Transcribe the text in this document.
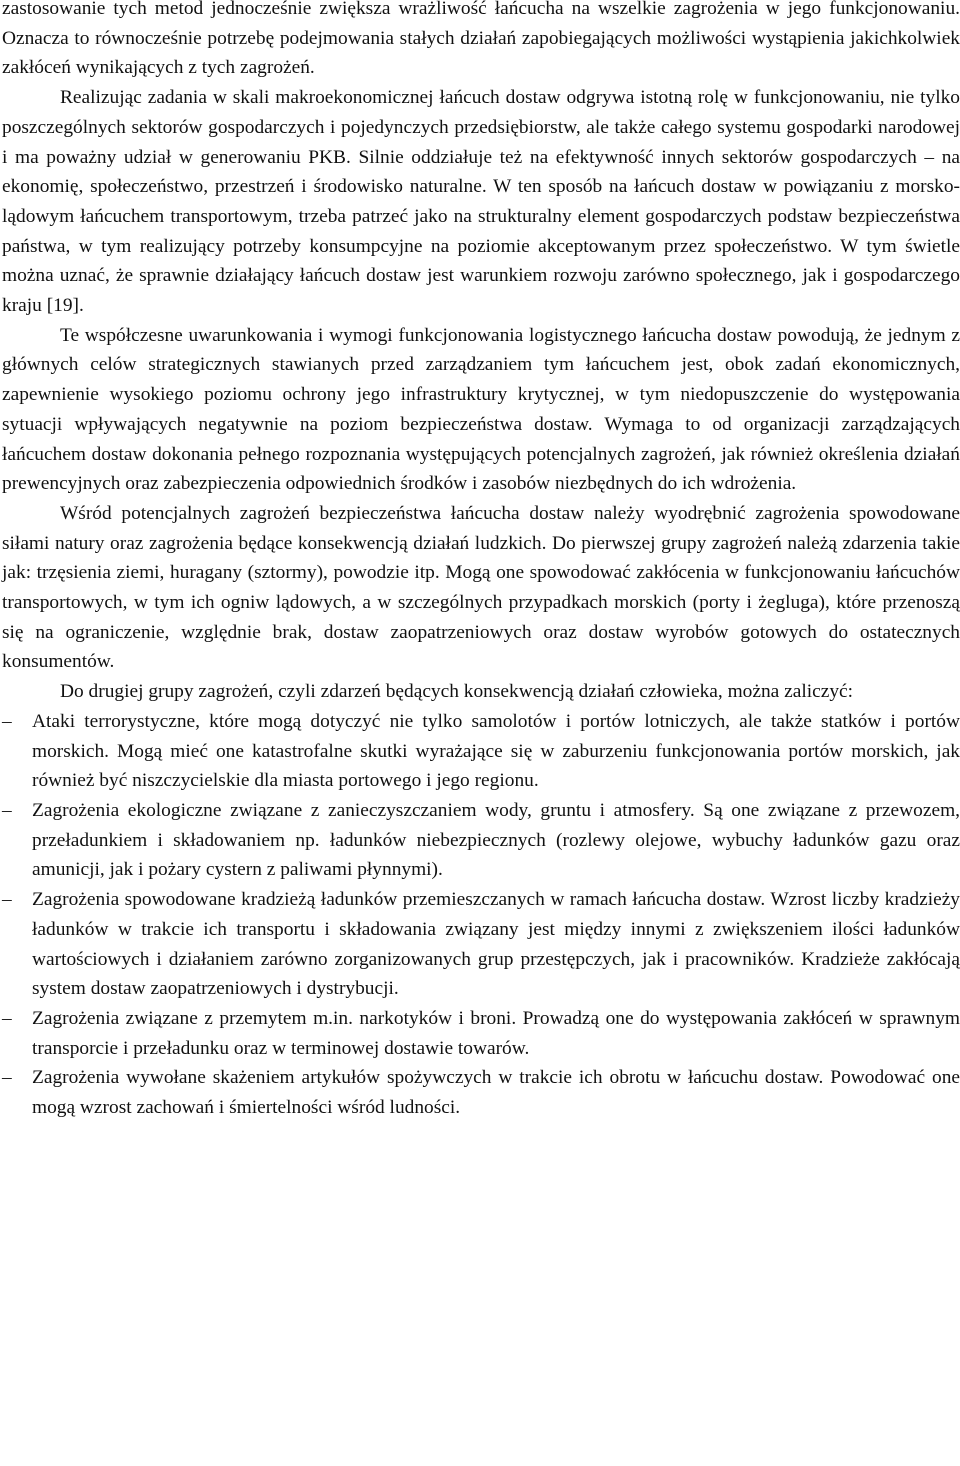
zastosowanie tych metod jednocześnie zwiększa wrażliwość łańcucha na wszelkie zagrożenia w jego funkcjonowaniu. Oznacza to równocześnie potrzebę podejmowania stałych działań zapobiegających możliwości wystąpienia jakichkolwiek zakłóceń wynikających z tych zagrożeń.

Realizując zadania w skali makroekonomicznej łańcuch dostaw odgrywa istotną rolę w funkcjonowaniu, nie tylko poszczególnych sektorów gospodarczych i pojedynczych przedsiębiorstw, ale także całego systemu gospodarki narodowej i ma poważny udział w generowaniu PKB. Silnie oddziałuje też na efektywność innych sektorów gospodarczych – na ekonomię, społeczeństwo, przestrzeń i środowisko naturalne. W ten sposób na łańcuch dostaw w powiązaniu z morsko-lądowym łańcuchem transportowym, trzeba patrzeć jako na strukturalny element gospodarczych podstaw bezpieczeństwa państwa, w tym realizujący potrzeby konsumpcyjne na poziomie akceptowanym przez społeczeństwo. W tym świetle można uznać, że sprawnie działający łańcuch dostaw jest warunkiem rozwoju zarówno społecznego, jak i gospodarczego kraju [19].

Te współczesne uwarunkowania i wymogi funkcjonowania logistycznego łańcucha dostaw powodują, że jednym z głównych celów strategicznych stawianych przed zarządzaniem tym łańcuchem jest, obok zadań ekonomicznych, zapewnienie wysokiego poziomu ochrony jego infrastruktury krytycznej, w tym niedopuszczenie do występowania sytuacji wpływających negatywnie na poziom bezpieczeństwa dostaw. Wymaga to od organizacji zarządzających łańcuchem dostaw dokonania pełnego rozpoznania występujących potencjalnych zagrożeń, jak również określenia działań prewencyjnych oraz zabezpieczenia odpowiednich środków i zasobów niezbędnych do ich wdrożenia.

Wśród potencjalnych zagrożeń bezpieczeństwa łańcucha dostaw należy wyodrębnić zagrożenia spowodowane siłami natury oraz zagrożenia będące konsekwencją działań ludzkich. Do pierwszej grupy zagrożeń należą zdarzenia takie jak: trzęsienia ziemi, huragany (sztormy), powodzie itp. Mogą one spowodować zakłócenia w funkcjonowaniu łańcuchów transportowych, w tym ich ogniw lądowych, a w szczególnych przypadkach morskich (porty i żegluga), które przenoszą się na ograniczenie, względnie brak, dostaw zaopatrzeniowych oraz dostaw wyrobów gotowych do ostatecznych konsumentów.

Do drugiej grupy zagrożeń, czyli zdarzeń będących konsekwencją działań człowieka, można zaliczyć:

– Ataki terrorystyczne, które mogą dotyczyć nie tylko samolotów i portów lotniczych, ale także statków i portów morskich. Mogą mieć one katastrofalne skutki wyrażające się w zaburzeniu funkcjonowania portów morskich, jak również być niszczycielskie dla miasta portowego i jego regionu.
– Zagrożenia ekologiczne związane z zanieczyszczaniem wody, gruntu i atmosfery. Są one związane z przewozem, przeładunkiem i składowaniem np. ładunków niebezpiecznych (rozlewy olejowe, wybuchy ładunków gazu oraz amunicji, jak i pożary cystern z paliwami płynnymi).
– Zagrożenia spowodowane kradzieżą ładunków przemieszczanych w ramach łańcucha dostaw. Wzrost liczby kradzieży ładunków w trakcie ich transportu i składowania związany jest między innymi z zwiększeniem ilości ładunków wartościowych i działaniem zarówno zorganizowanych grup przestępczych, jak i pracowników. Kradzieże zakłócają system dostaw zaopatrzeniowych i dystrybucji.
– Zagrożenia związane z przemytem m.in. narkotyków i broni. Prowadzą one do występowania zakłóceń w sprawnym transporcie i przeładunku oraz w terminowej dostawie towarów.
– Zagrożenia wywołane skażeniem artykułów spożywczych w trakcie ich obrotu w łańcuchu dostaw. Powodować one mogą wzrost zachowań i śmiertelności wśród ludności.
